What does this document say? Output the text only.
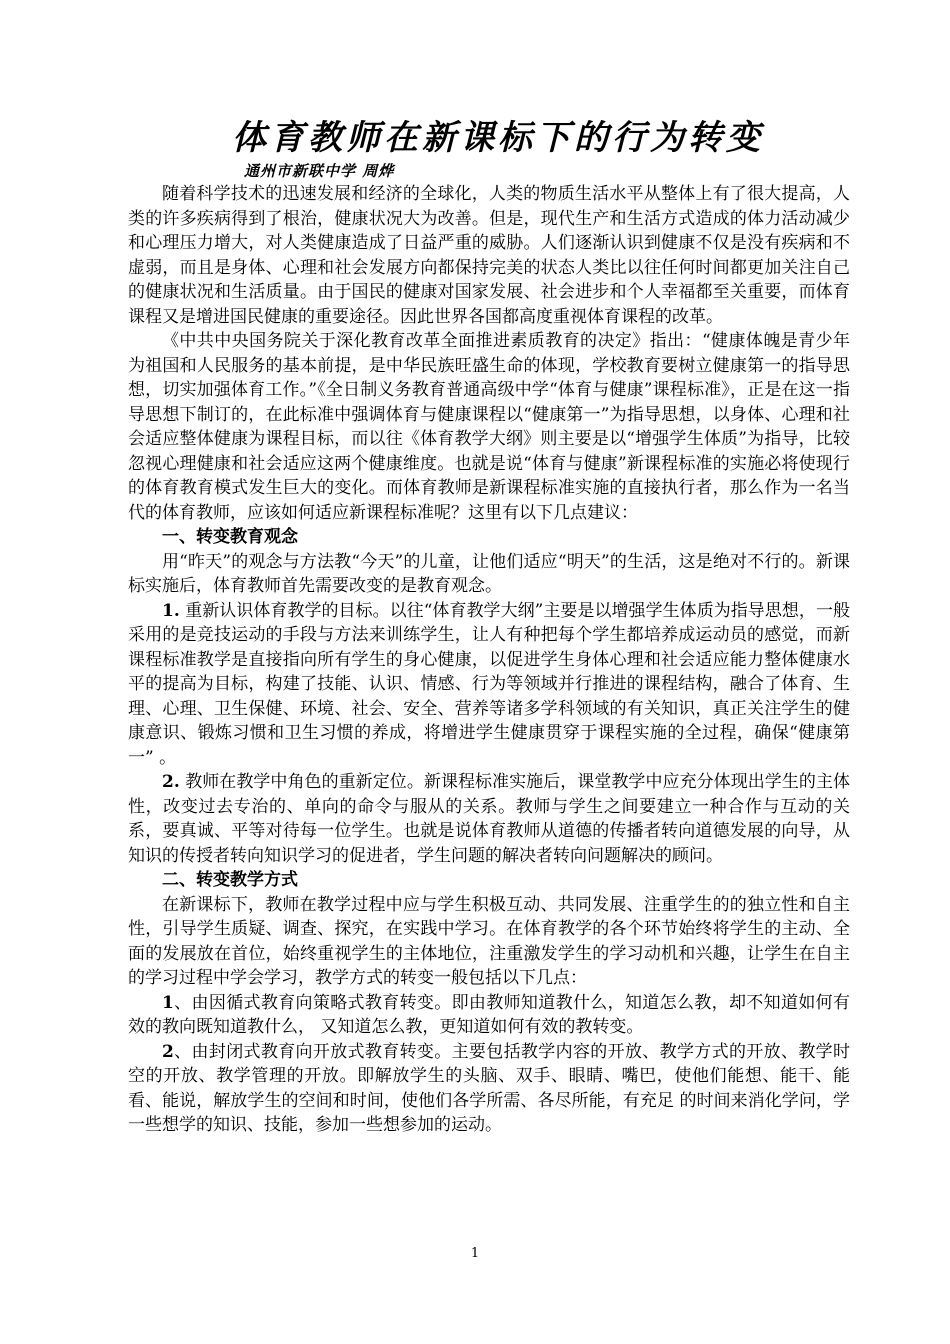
体育教师在新课标下的行为转变
通州市新联中学 周烨

随着科学技术的迅速发展和经济的全球化，人类的物质生活水平从整体上有了很大提高，人类的许多疾病得到了根治，健康状况大为改善。但是，现代生产和生活方式造成的体力活动减少和心理压力增大，对人类健康造成了日益严重的威胁。人们逐渐认识到健康不仅是没有疾病和不虚弱，而且是身体、心理和社会发展方向都保持完美的状态人类比以往任何时间都更加关注自己的健康状况和生活质量。由于国民的健康对国家发展、社会进步和个人幸福都至关重要，而体育课程又是增进国民健康的重要途径。因此世界各国都高度重视体育课程的改革。

《中共中央国务院关于深化教育改革全面推进素质教育的决定》指出：“健康体魄是青少年为祖国和人民服务的基本前提，是中华民族旺盛生命的体现，学校教育要树立健康第一的指导思想，切实加强体育工作。”《全日制义务教育普通高级中学“体育与健康”课程标准》，正是在这一指导思想下制订的，在此标准中强调体育与健康课程以“健康第一”为指导思想，以身体、心理和社会适应整体健康为课程目标，而以往《体育教学大纲》则主要是以“增强学生体质”为指导，比较忽视心理健康和社会适应这两个健康维度。也就是说“体育与健康”新课程标准的实施必将使现行的体育教育模式发生巨大的变化。而体育教师是新课程标准实施的直接执行者，那么作为一名当代的体育教师，应该如何适应新课程标准呢？这里有以下几点建议：

一、转变教育观念

用“昨天”的观念与方法教“今天”的儿童，让他们适应“明天”的生活，这是绝对不行的。新课标实施后，体育教师首先需要改变的是教育观念。

1. 重新认识体育教学的目标。以往“体育教学大纲”主要是以增强学生体质为指导思想，一般采用的是竞技运动的手段与方法来训练学生，让人有种把每个学生都培养成运动员的感觉，而新课程标准教学是直接指向所有学生的身心健康，以促进学生身体心理和社会适应能力整体健康水平的提高为目标，构建了技能、认识、情感、行为等领域并行推进的课程结构，融合了体育、生理、心理、卫生保健、环境、社会、安全、营养等诸多学科领域的有关知识，真正关注学生的健康意识、锻炼习惯和卫生习惯的养成，将增进学生健康贯穿于课程实施的全过程，确保“健康第一” 。

2. 教师在教学中角色的重新定位。新课程标准实施后，课堂教学中应充分体现出学生的主体性，改变过去专治的、单向的命令与服从的关系。教师与学生之间要建立一种合作与互动的关系，要真诚、平等对待每一位学生。也就是说体育教师从道德的传播者转向道德发展的向导，从知识的传授者转向知识学习的促进者，学生问题的解决者转向问题解决的顾问。

二、转变教学方式

在新课标下，教师在教学过程中应与学生积极互动、共同发展、注重学生的的独立性和自主性，引导学生质疑、调查、探究，在实践中学习。在体育教学的各个环节始终将学生的主动、全面的发展放在首位，始终重视学生的主体地位，注重激发学生的学习动机和兴趣，让学生在自主的学习过程中学会学习，教学方式的转变一般包括以下几点：

1、由因循式教育向策略式教育转变。即由教师知道教什么，知道怎么教，却不知道如何有效的教向既知道教什么， 又知道怎么教，更知道如何有效的教转变。

2、由封闭式教育向开放式教育转变。主要包括教学内容的开放、教学方式的开放、教学时空的开放、教学管理的开放。即解放学生的头脑、双手、眼睛、嘴巴，使他们能想、能干、能看、能说，解放学生的空间和时间，使他们各学所需、各尽所能，有充足 的时间来消化学问，学一些想学的知识、技能，参加一些想参加的运动。

1
